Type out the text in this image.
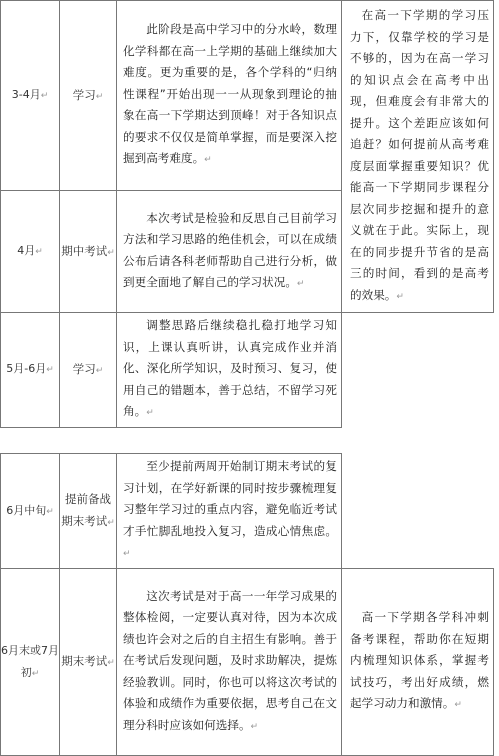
3-4月↵	学习↵	此阶段是高中学习中的分水岭，数理化学科都在高一上学期的基础上继续加大难度。更为重要的是，各个学科的“归纳性课程”开始出现一一从现象到理论的抽象在高一下学期达到顶峰！对于各知识点的要求不仅仅是简单掌握，而是要深入挖掘到高考难度。↵	在高一下学期的学习压力下，仅靠学校的学习是不够的，因为在高一学习的知识点会在高考中出现，但难度会有非常大的提升。这个差距应该如何追赶？如何提前从高考难度层面掌握重要知识？优能高一下学期同步课程分层次同步挖掘和提升的意义就在于此。实际上，现在的同步提升节省的是高三的时间，看到的是高考的效果。↵
4月↵	期中考试↵	本次考试是检验和反思自己目前学习方法和学习思路的绝佳机会，可以在成绩公布后请各科老师帮助自己进行分析，做到更全面地了解自己的学习状况。↵	
5月-6月↵	学习↵	调整思路后继续稳扎稳打地学习知识，上课认真听讲，认真完成作业并消化、深化所学知识，及时预习、复习，使用自己的错题本，善于总结，不留学习死角。↵	
6月中旬↵	提前备战期末考试↵	至少提前两周开始制订期末考试的复习计划，在学好新课的同时按步骤梳理复习整年学习过的重点内容，避免临近考试才手忙脚乱地投入复习，造成心情焦虑。↵	
6月末或7月初↵	期末考试↵	这次考试是对于高一一年学习成果的整体检阅，一定要认真对待，因为本次成绩也许会对之后的自主招生有影响。善于在考试后发现问题，及时求助解决，提炼经验教训。同时，你也可以将这次考试的体验和成绩作为重要依据，思考自己在文理分科时应该如何选择。↵	高一下学期各学科冲刺备考课程，帮助你在短期内梳理知识体系，掌握考试技巧，考出好成绩，燃起学习动力和激情。↵
